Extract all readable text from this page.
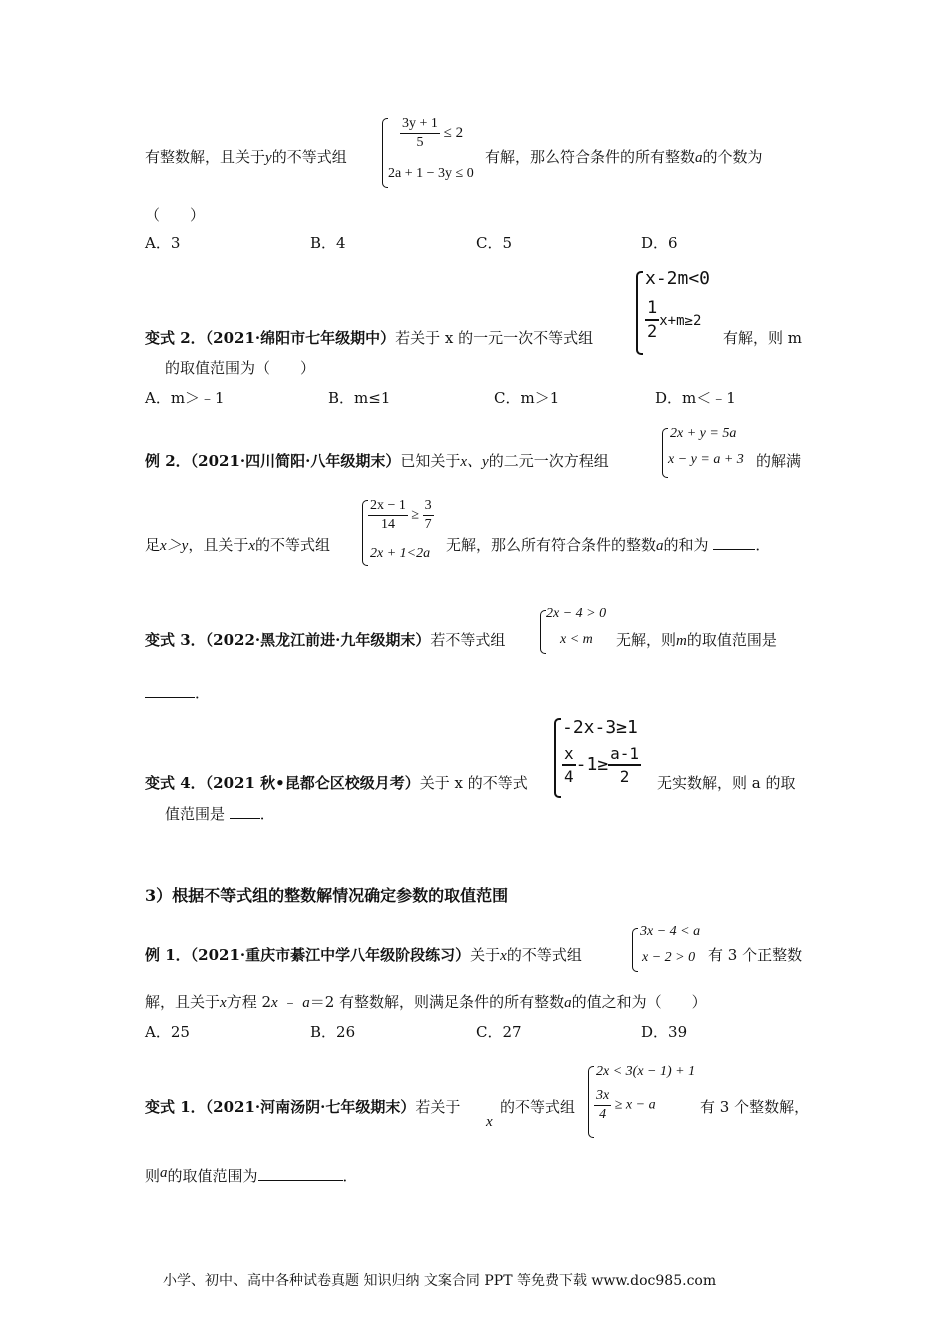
有整数解，且关于y的不等式组
$\frac{3y + 1}{5} \le 2$
2a + 1 − 3y ≤ 0
有解，那么符合条件的所有整数a的个数为
（　　）
A．3	B．4	C．5	D．6
变式 2．（2021·绵阳市七年级期中）若关于 x 的一元一次不等式组
x-2m<0
$\frac{1}{2} x+m\ge 2$
有解，则 m
的取值范围为（　　）
A．m＞﹣1	B．m≤1	C．m＞1	D．m＜﹣1
例 2．（2021·四川简阳·八年级期末）已知关于x、y的二元一次方程组
2x + y = 5a
x − y = a + 3 的解满
足x＞y，且关于x的不等式组
$\frac{2x - 1}{14} \ge \frac{3}{7}$
2x + 1<2a 无解，那么所有符合条件的整数a的和为	．
变式 3．（2022·黑龙江前进·九年级期末）若不等式组
2x − 4 > 0
x < m 无解，则m的取值范围是
．
变式 4．（2021 秋•昆都仑区校级月考）关于 x 的不等式
-2x-3≥1
$\frac{x}{4} -1\ge \frac{a-1}{2}$ 无实数解，则 a 的取
值范围是 ．
3）根据不等式组的整数解情况确定参数的取值范围
例 1．（2021·重庆市綦江中学八年级阶段练习）关于x的不等式组
3x − 4 < a
x − 2 > 0 有 3 个正整数
解，且关于x方程 2x ﹣ a＝2 有整数解，则满足条件的所有整数a的值之和为（　　）
A．25	B．26	C．27	D．39
变式 1．（2021·河南汤阴·七年级期末）若关于
x
的不等式组
2x < 3(x − 1) + 1
$\frac{3x}{4} \ge x - a$	有 3 个整数解，
则a的取值范围为	．
小学、初中、高中各种试卷真题 知识归纳 文案合同 PPT 等免费下载 www.doc985.com
